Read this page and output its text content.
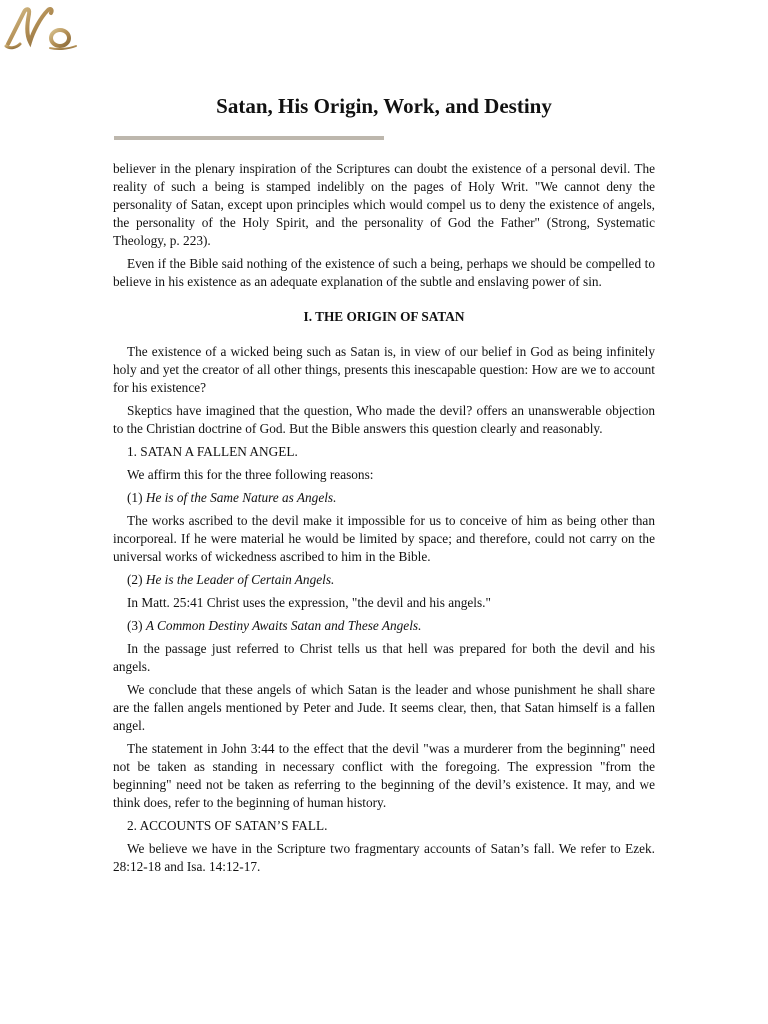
Satan, His Origin, Work, and Destiny

believer in the plenary inspiration of the Scriptures can doubt the existence of a personal devil. The reality of such a being is stamped indelibly on the pages of Holy Writ. "We cannot deny the personality of Satan, except upon principles which would compel us to deny the existence of angels, the personality of the Holy Spirit, and the personality of God the Father" (Strong, Systematic Theology, p. 223).

Even if the Bible said nothing of the existence of such a being, perhaps we should be compelled to believe in his existence as an adequate explanation of the subtle and enslaving power of sin.

I. THE ORIGIN OF SATAN

The existence of a wicked being such as Satan is, in view of our belief in God as being infinitely holy and yet the creator of all other things, presents this inescapable question: How are we to account for his existence?

Skeptics have imagined that the question, Who made the devil? offers an unanswerable objection to the Christian doctrine of God. But the Bible answers this question clearly and reasonably.

1. SATAN A FALLEN ANGEL.

We affirm this for the three following reasons:

(1) He is of the Same Nature as Angels.

The works ascribed to the devil make it impossible for us to conceive of him as being other than incorporeal. If he were material he would be limited by space; and therefore, could not carry on the universal works of wickedness ascribed to him in the Bible.

(2) He is the Leader of Certain Angels.

In Matt. 25:41 Christ uses the expression, "the devil and his angels."

(3) A Common Destiny Awaits Satan and These Angels.

In the passage just referred to Christ tells us that hell was prepared for both the devil and his angels.

We conclude that these angels of which Satan is the leader and whose punishment he shall share are the fallen angels mentioned by Peter and Jude. It seems clear, then, that Satan himself is a fallen angel.

The statement in John 3:44 to the effect that the devil "was a murderer from the beginning" need not be taken as standing in necessary conflict with the foregoing. The expression "from the beginning" need not be taken as referring to the beginning of the devil’s existence. It may, and we think does, refer to the beginning of human history.

2. ACCOUNTS OF SATAN’S FALL.

We believe we have in the Scripture two fragmentary accounts of Satan’s fall. We refer to Ezek. 28:12-18 and Isa. 14:12-17.
